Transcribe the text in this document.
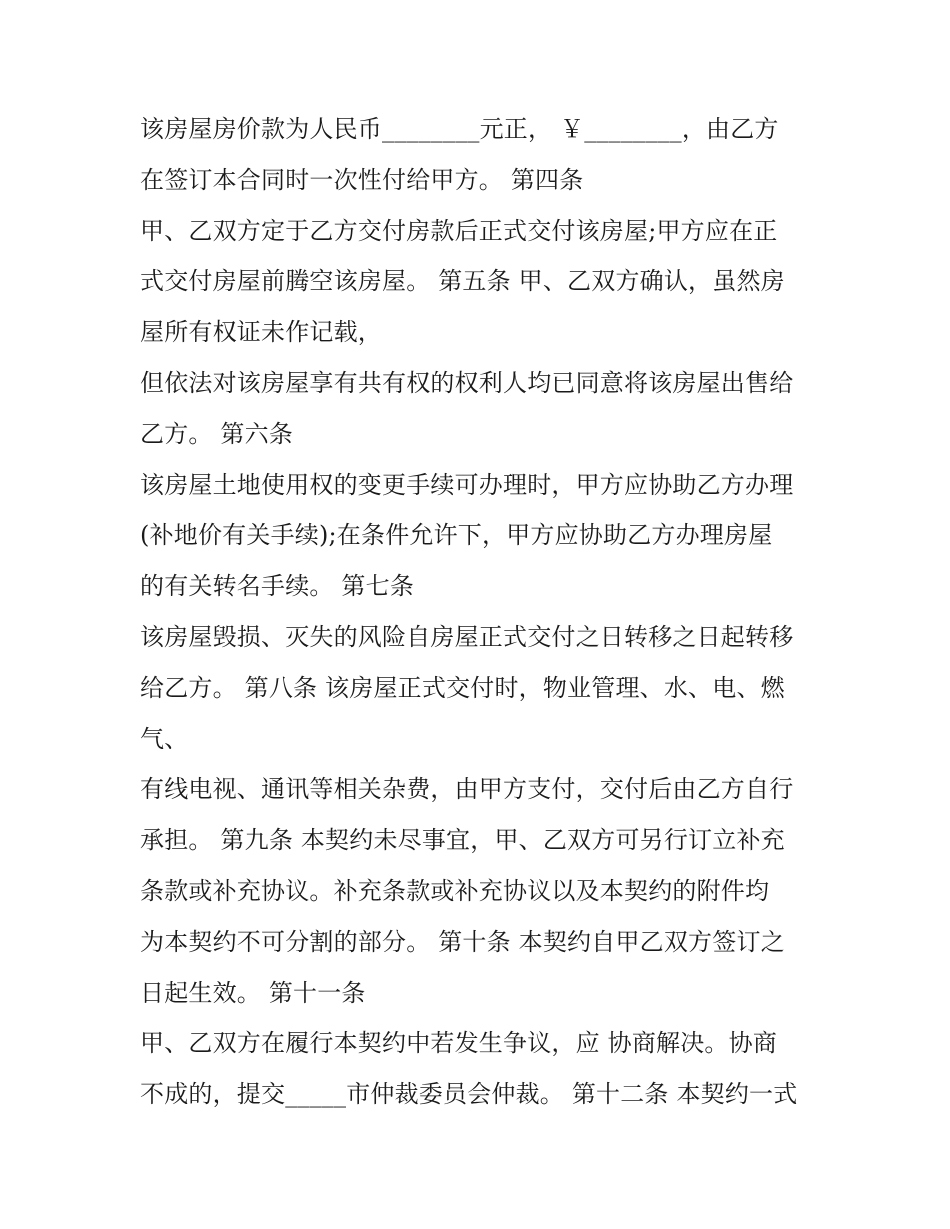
该房屋房价款为人民币________元正， ￥________，由乙方
在签订本合同时一次性付给甲方。 第四条
甲、乙双方定于乙方交付房款后正式交付该房屋;甲方应在正
式交付房屋前腾空该房屋。 第五条 甲、乙双方确认，虽然房
屋所有权证未作记载，
但依法对该房屋享有共有权的权利人均已同意将该房屋出售给
乙方。 第六条
该房屋土地使用权的变更手续可办理时，甲方应协助乙方办理
(补地价有关手续);在条件允许下，甲方应协助乙方办理房屋
的有关转名手续。 第七条
该房屋毁损、灭失的风险自房屋正式交付之日转移之日起转移
给乙方。 第八条 该房屋正式交付时，物业管理、水、电、燃
气、
有线电视、通讯等相关杂费，由甲方支付，交付后由乙方自行
承担。 第九条 本契约未尽事宜，甲、乙双方可另行订立补充
条款或补充协议。补充条款或补充协议以及本契约的附件均
为本契约不可分割的部分。 第十条 本契约自甲乙双方签订之
日起生效。 第十一条
甲、乙双方在履行本契约中若发生争议，应 协商解决。协商
不成的，提交_____市仲裁委员会仲裁。 第十二条 本契约一式
